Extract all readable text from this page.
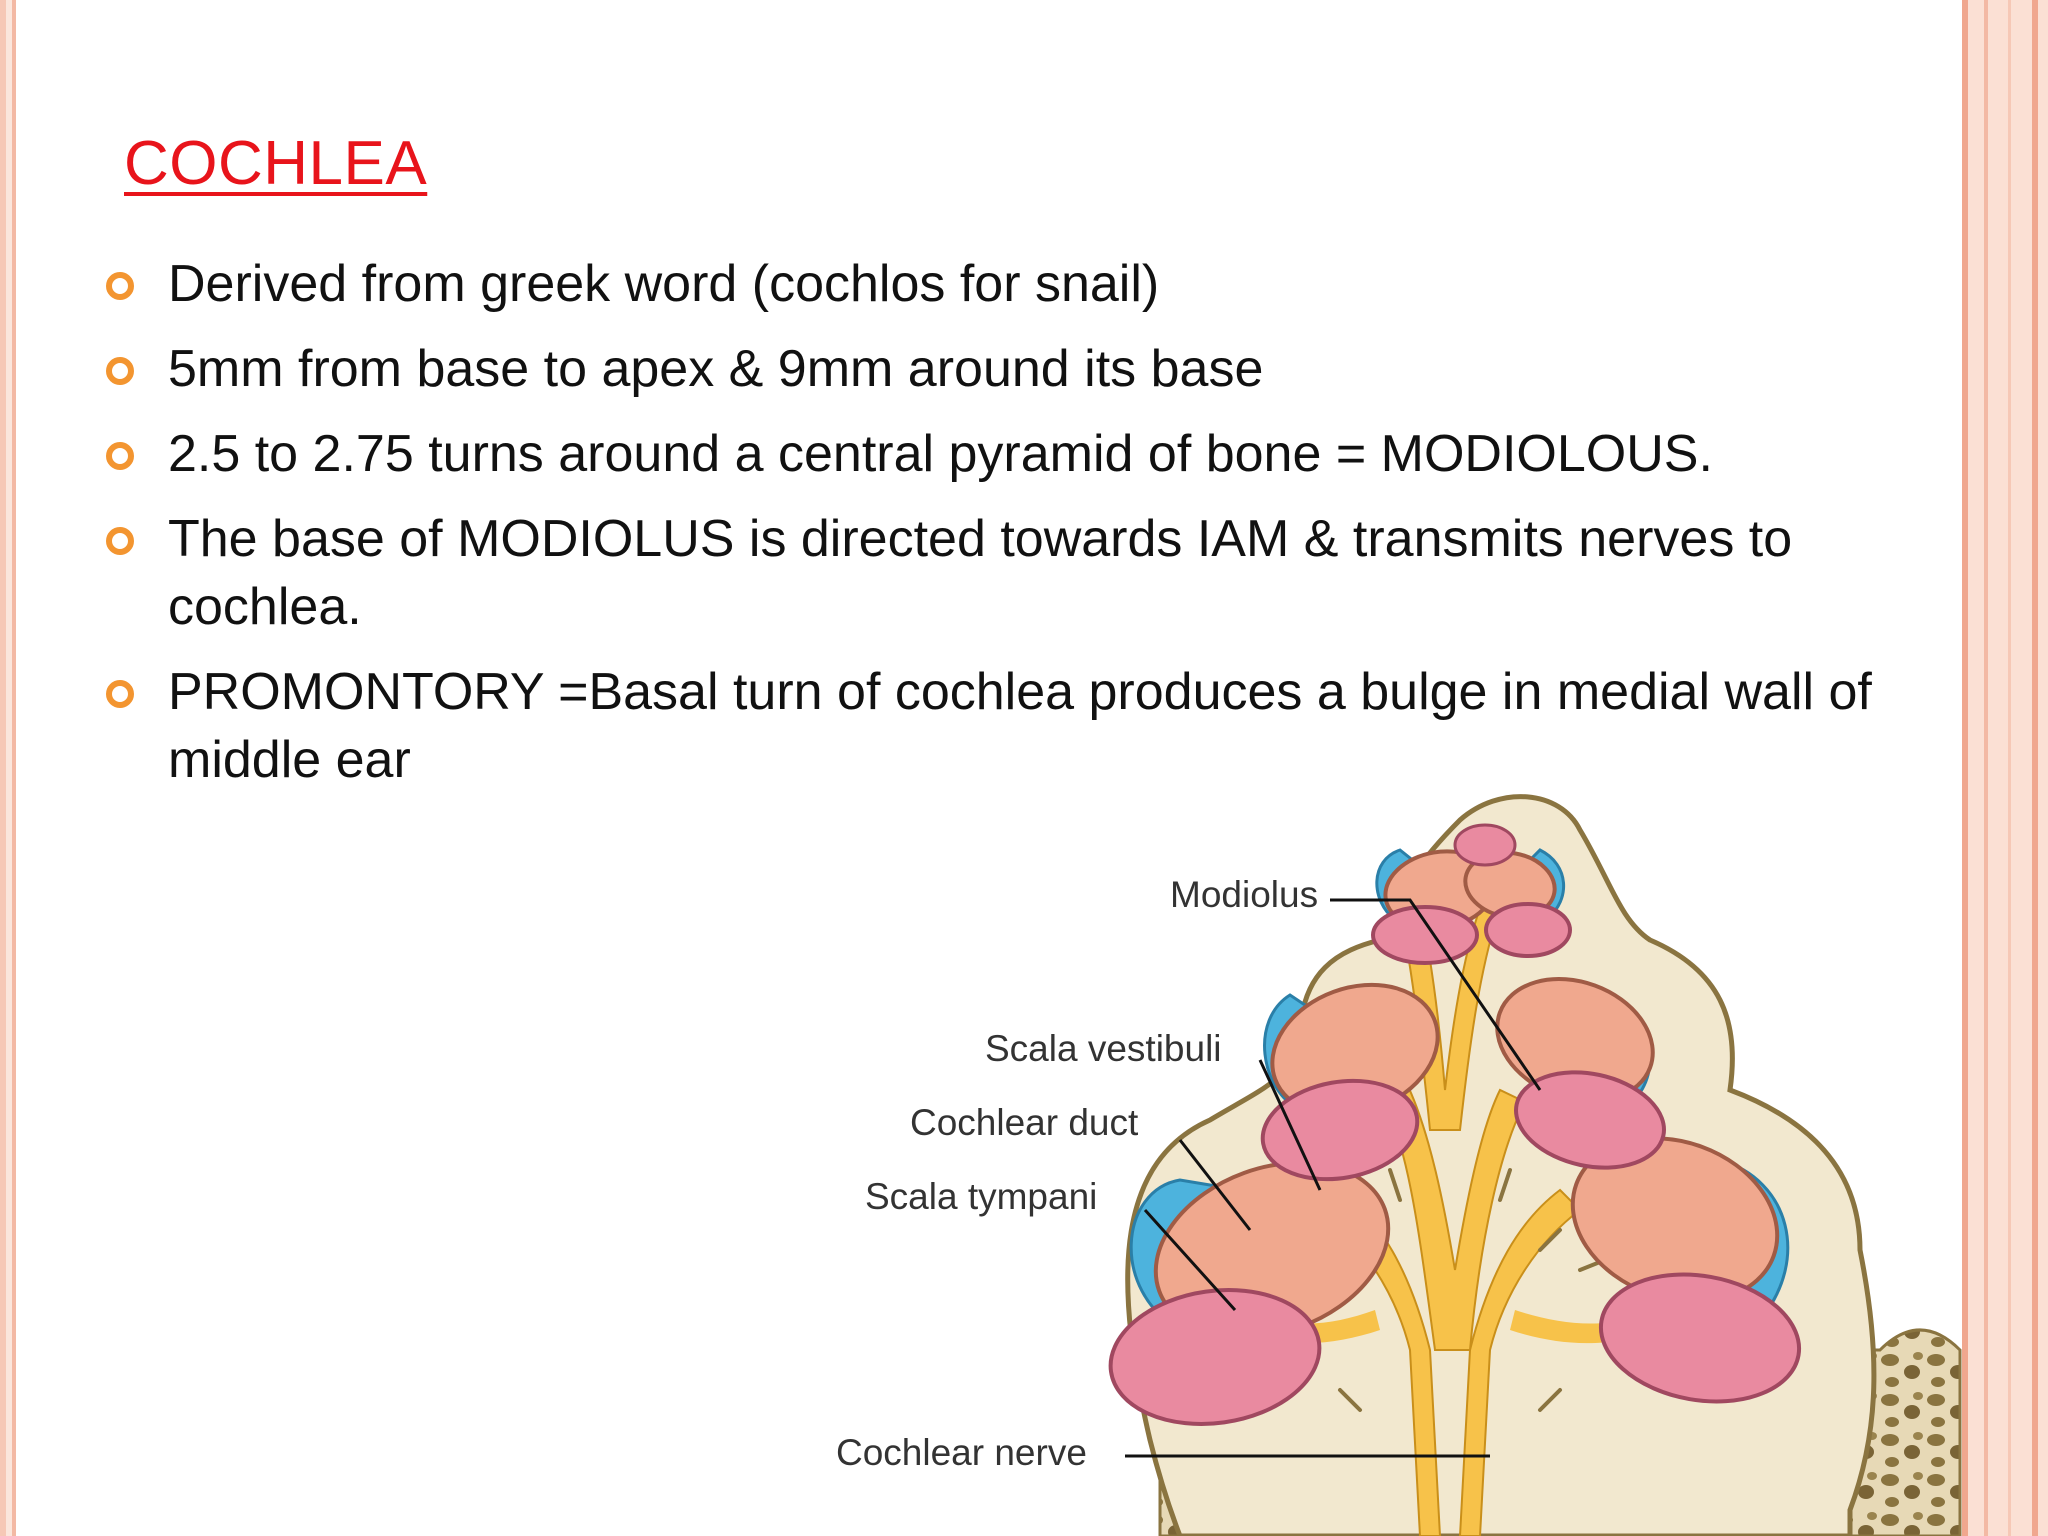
COCHLEA
Derived from greek word (cochlos for snail)
5mm from base to apex & 9mm around its base
2.5 to 2.75 turns around a central pyramid of bone = MODIOLOUS.
The base of MODIOLUS is directed towards IAM & transmits nerves to cochlea.
PROMONTORY =Basal turn of cochlea produces a bulge in medial wall of middle ear
Modiolus
Scala vestibuli
Cochlear duct
Scala tympani
Cochlear nerve
